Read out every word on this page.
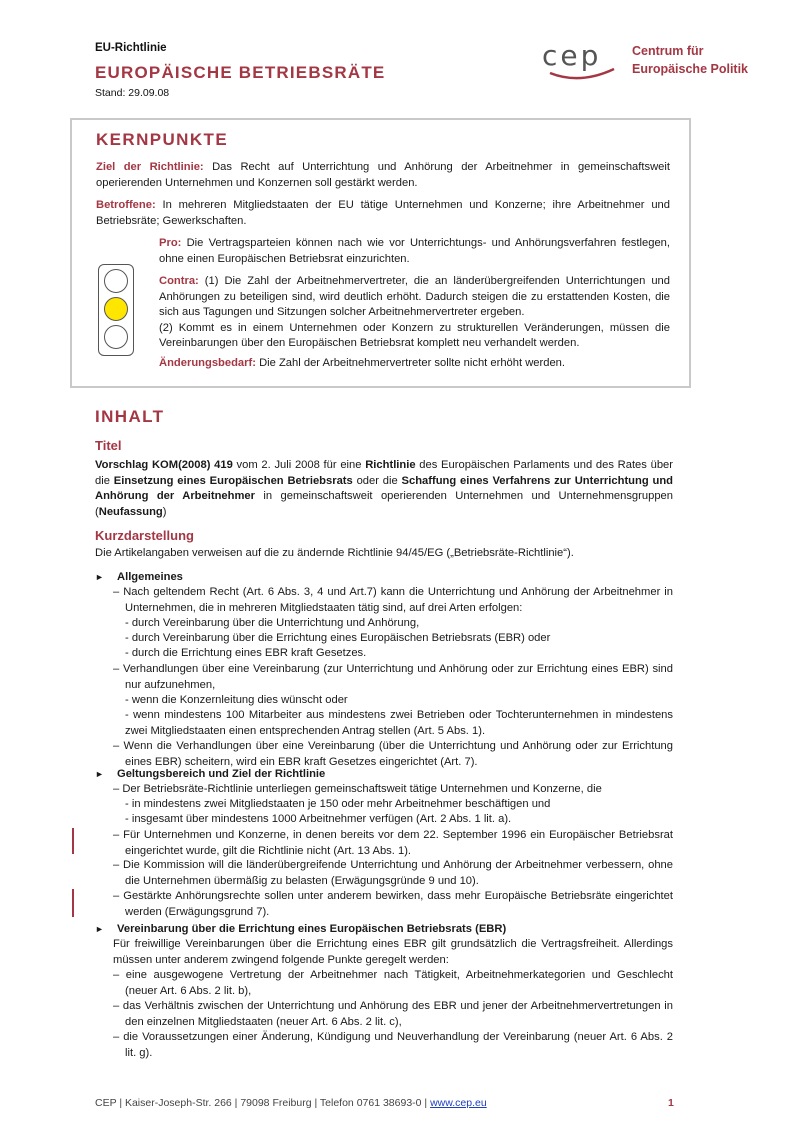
EU-Richtlinie
EUROPÄISCHE BETRIEBSRÄTE
Stand: 29.09.08
cep Centrum für
Europäische Politik
KERNPUNKTE
Ziel der Richtlinie: Das Recht auf Unterrichtung und Anhörung der Arbeitnehmer in gemeinschaftsweit operierenden Unternehmen und Konzernen soll gestärkt werden.
Betroffene: In mehreren Mitgliedstaaten der EU tätige Unternehmen und Konzerne; ihre Arbeitnehmer und Betriebsräte; Gewerkschaften.
Pro: Die Vertragsparteien können nach wie vor Unterrichtungs- und Anhörungsverfahren festlegen, ohne einen Europäischen Betriebsrat einzurichten.
Contra: (1) Die Zahl der Arbeitnehmervertreter, die an länderübergreifenden Unterrichtungen und Anhörungen zu beteiligen sind, wird deutlich erhöht. Dadurch steigen die zu erstattenden Kosten, die sich aus Tagungen und Sitzungen solcher Arbeitnehmervertreter ergeben.
(2) Kommt es in einem Unternehmen oder Konzern zu strukturellen Veränderungen, müssen die Vereinbarungen über den Europäischen Betriebsrat komplett neu verhandelt werden.
Änderungsbedarf: Die Zahl der Arbeitnehmervertreter sollte nicht erhöht werden.
INHALT
Titel
Vorschlag KOM(2008) 419 vom 2. Juli 2008 für eine Richtlinie des Europäischen Parlaments und des Rates über die Einsetzung eines Europäischen Betriebsrats oder die Schaffung eines Verfahrens zur Unterrichtung und Anhörung der Arbeitnehmer in gemeinschaftsweit operierenden Unternehmen und Unternehmensgruppen (Neufassung)
Kurzdarstellung
Die Artikelangaben verweisen auf die zu ändernde Richtlinie 94/45/EG („Betriebsräte-Richtlinie“).
► Allgemeines
– Nach geltendem Recht (Art. 6 Abs. 3, 4 und Art.7) kann die Unterrichtung und Anhörung der Arbeitnehmer in Unternehmen, die in mehreren Mitgliedstaaten tätig sind, auf drei Arten erfolgen:
- durch Vereinbarung über die Unterrichtung und Anhörung,
- durch Vereinbarung über die Errichtung eines Europäischen Betriebsrats (EBR) oder
- durch die Errichtung eines EBR kraft Gesetzes.
– Verhandlungen über eine Vereinbarung (zur Unterrichtung und Anhörung oder zur Errichtung eines EBR) sind nur aufzunehmen,
- wenn die Konzernleitung dies wünscht oder
- wenn mindestens 100 Mitarbeiter aus mindestens zwei Betrieben oder Tochterunternehmen in mindestens zwei Mitgliedstaaten einen entsprechenden Antrag stellen (Art. 5 Abs. 1).
– Wenn die Verhandlungen über eine Vereinbarung (über die Unterrichtung und Anhörung oder zur Errichtung eines EBR) scheitern, wird ein EBR kraft Gesetzes eingerichtet (Art. 7).
► Geltungsbereich und Ziel der Richtlinie
– Der Betriebsräte-Richtlinie unterliegen gemeinschaftsweit tätige Unternehmen und Konzerne, die
- in mindestens zwei Mitgliedstaaten je 150 oder mehr Arbeitnehmer beschäftigen und
- insgesamt über mindestens 1000 Arbeitnehmer verfügen (Art. 2 Abs. 1 lit. a).
– Für Unternehmen und Konzerne, in denen bereits vor dem 22. September 1996 ein Europäischer Betriebsrat eingerichtet wurde, gilt die Richtlinie nicht (Art. 13 Abs. 1).
– Die Kommission will die länderübergreifende Unterrichtung und Anhörung der Arbeitnehmer verbessern, ohne die Unternehmen übermäßig zu belasten (Erwägungsgründe 9 und 10).
– Gestärkte Anhörungsrechte sollen unter anderem bewirken, dass mehr Europäische Betriebsräte eingerichtet werden (Erwägungsgrund 7).
► Vereinbarung über die Errichtung eines Europäischen Betriebsrats (EBR)
Für freiwillige Vereinbarungen über die Errichtung eines EBR gilt grundsätzlich die Vertragsfreiheit. Allerdings müssen unter anderem zwingend folgende Punkte geregelt werden:
– eine ausgewogene Vertretung der Arbeitnehmer nach Tätigkeit, Arbeitnehmerkategorien und Geschlecht (neuer Art. 6 Abs. 2 lit. b),
– das Verhältnis zwischen der Unterrichtung und Anhörung des EBR und jener der Arbeitnehmervertretungen in den einzelnen Mitgliedstaaten (neuer Art. 6 Abs. 2 lit. c),
– die Voraussetzungen einer Änderung, Kündigung und Neuverhandlung der Vereinbarung (neuer Art. 6 Abs. 2 lit. g).
CEP | Kaiser-Joseph-Str. 266 | 79098 Freiburg | Telefon 0761 38693-0 | www.cep.eu	1
